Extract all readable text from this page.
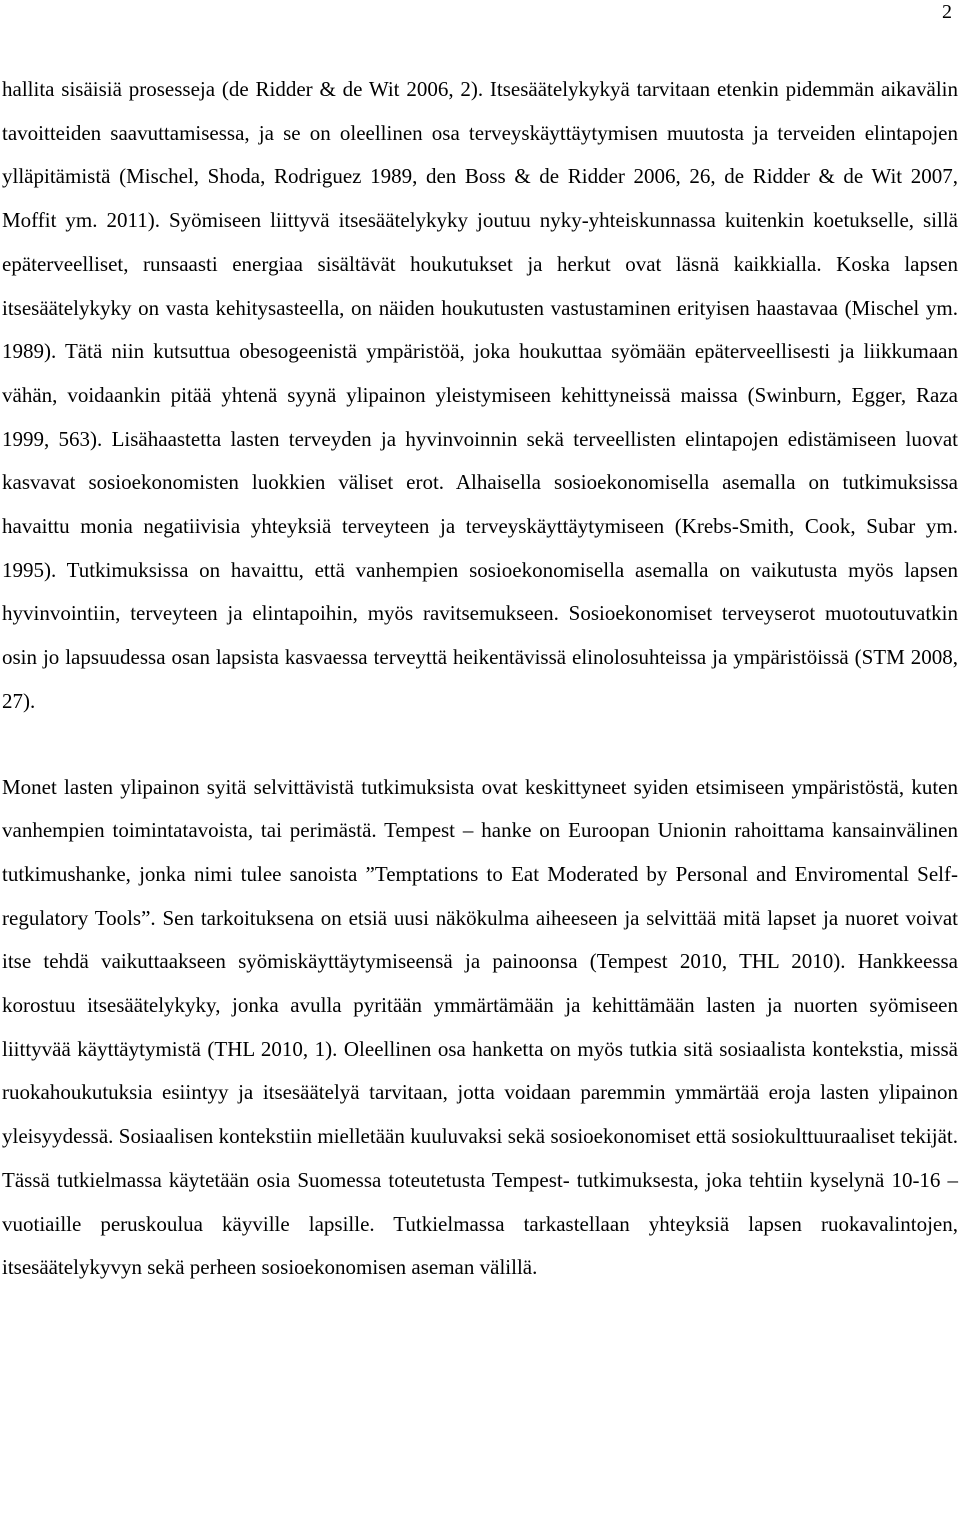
2

hallita sisäisiä prosesseja (de Ridder & de Wit 2006, 2). Itsesäätelykykyä tarvitaan etenkin pidemmän aikavälin tavoitteiden saavuttamisessa, ja se on oleellinen osa terveyskäyttäytymisen muutosta ja terveiden elintapojen ylläpitämistä (Mischel, Shoda, Rodriguez 1989, den Boss & de Ridder 2006, 26, de Ridder & de Wit 2007, Moffit ym. 2011). Syömiseen liittyvä itsesäätelykyky joutuu nyky-yhteiskunnassa kuitenkin koetukselle, sillä epäterveelliset, runsaasti energiaa sisältävät houkutukset ja herkut ovat läsnä kaikkialla. Koska lapsen itsesäätelykyky on vasta kehitysasteella, on näiden houkutusten vastustaminen erityisen haastavaa (Mischel ym. 1989). Tätä niin kutsuttua obesogeenistä ympäristöä, joka houkuttaa syömään epäterveellisesti ja liikkumaan vähän, voidaankin pitää yhtenä syynä ylipainon yleistymiseen kehittyneissä maissa (Swinburn, Egger, Raza 1999, 563). Lisähaastetta lasten terveyden ja hyvinvoinnin sekä terveellisten elintapojen edistämiseen luovat kasvavat sosioekonomisten luokkien väliset erot. Alhaisella sosioekonomisella asemalla on tutkimuksissa havaittu monia negatiivisia yhteyksiä terveyteen ja terveyskäyttäytymiseen (Krebs-Smith, Cook, Subar ym. 1995). Tutkimuksissa on havaittu, että vanhempien sosioekonomisella asemalla on vaikutusta myös lapsen hyvinvointiin, terveyteen ja elintapoihin, myös ravitsemukseen. Sosioekonomiset terveyserot muotoutuvatkin osin jo lapsuudessa osan lapsista kasvaessa terveyttä heikentävissä elinolosuhteissa ja ympäristöissä (STM 2008, 27).

Monet lasten ylipainon syitä selvittävistä tutkimuksista ovat keskittyneet syiden etsimiseen ympäristöstä, kuten vanhempien toimintatavoista, tai perimästä. Tempest – hanke on Euroopan Unionin rahoittama kansainvälinen tutkimushanke, jonka nimi tulee sanoista ”Temptations to Eat Moderated by Personal and Enviromental Self-regulatory Tools”. Sen tarkoituksena on etsiä uusi näkökulma aiheeseen ja selvittää mitä lapset ja nuoret voivat itse tehdä vaikuttaakseen syömiskäyttäytymiseensä ja painoonsa (Tempest 2010, THL 2010). Hankkeessa korostuu itsesäätelykyky, jonka avulla pyritään ymmärtämään ja kehittämään lasten ja nuorten syömiseen liittyvää käyttäytymistä (THL 2010, 1). Oleellinen osa hanketta on myös tutkia sitä sosiaalista kontekstia, missä ruokahoukutuksia esiintyy ja itsesäätelyä tarvitaan, jotta voidaan paremmin ymmärtää eroja lasten ylipainon yleisyydessä. Sosiaalisen kontekstiin mielletään kuuluvaksi sekä sosioekonomiset että sosiokulttuuraaliset tekijät. Tässä tutkielmassa käytetään osia Suomessa toteutetusta Tempest- tutkimuksesta, joka tehtiin kyselynä 10-16 –vuotiaille peruskoulua käyville lapsille. Tutkielmassa tarkastellaan yhteyksiä lapsen ruokavalintojen, itsesäätelykyvyn sekä perheen sosioekonomisen aseman välillä.
